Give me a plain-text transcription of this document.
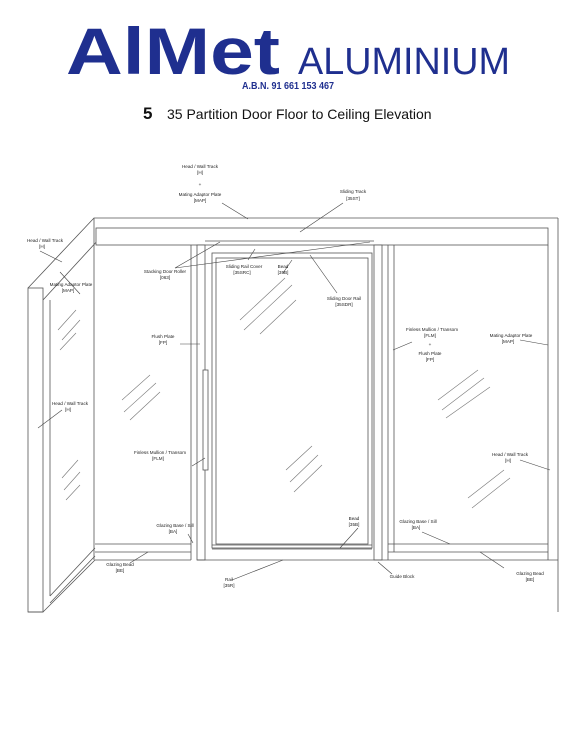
AlMet ALUMINIUM
A.B.N. 91 661 153 467
5 35 Partition Door Floor to Ceiling Elevation
Head / Wall Track
[H]
+
Mating Adaptor Plate
[MAP]
Sliding Track
[35ST]
Head / Wall Track
[H]
Mating Adaptor Plate
[MAP]
Stacking Door Roller
[063]
Sliding Rail Cover
[35SRC]
Bead
[35B]
Sliding Door Rail
[35SDR]
Flush Plate
[FP]
Head / Wall Track
[H]
Finless Mullion / Transom
[FLM]
Finless Mullion / Transom
[FLM]
+
Flush Plate
[FP]
Mating Adaptor Plate
[MAP]
Head / Wall Track
[H]
Bead
[35B]
Glazing Base / Sill
[BA]
Glazing Base / Sill
[BA]
Glazing Bead
[BE]
Glazing Bead
[BE]
Rail
[35R]
Guide Block
